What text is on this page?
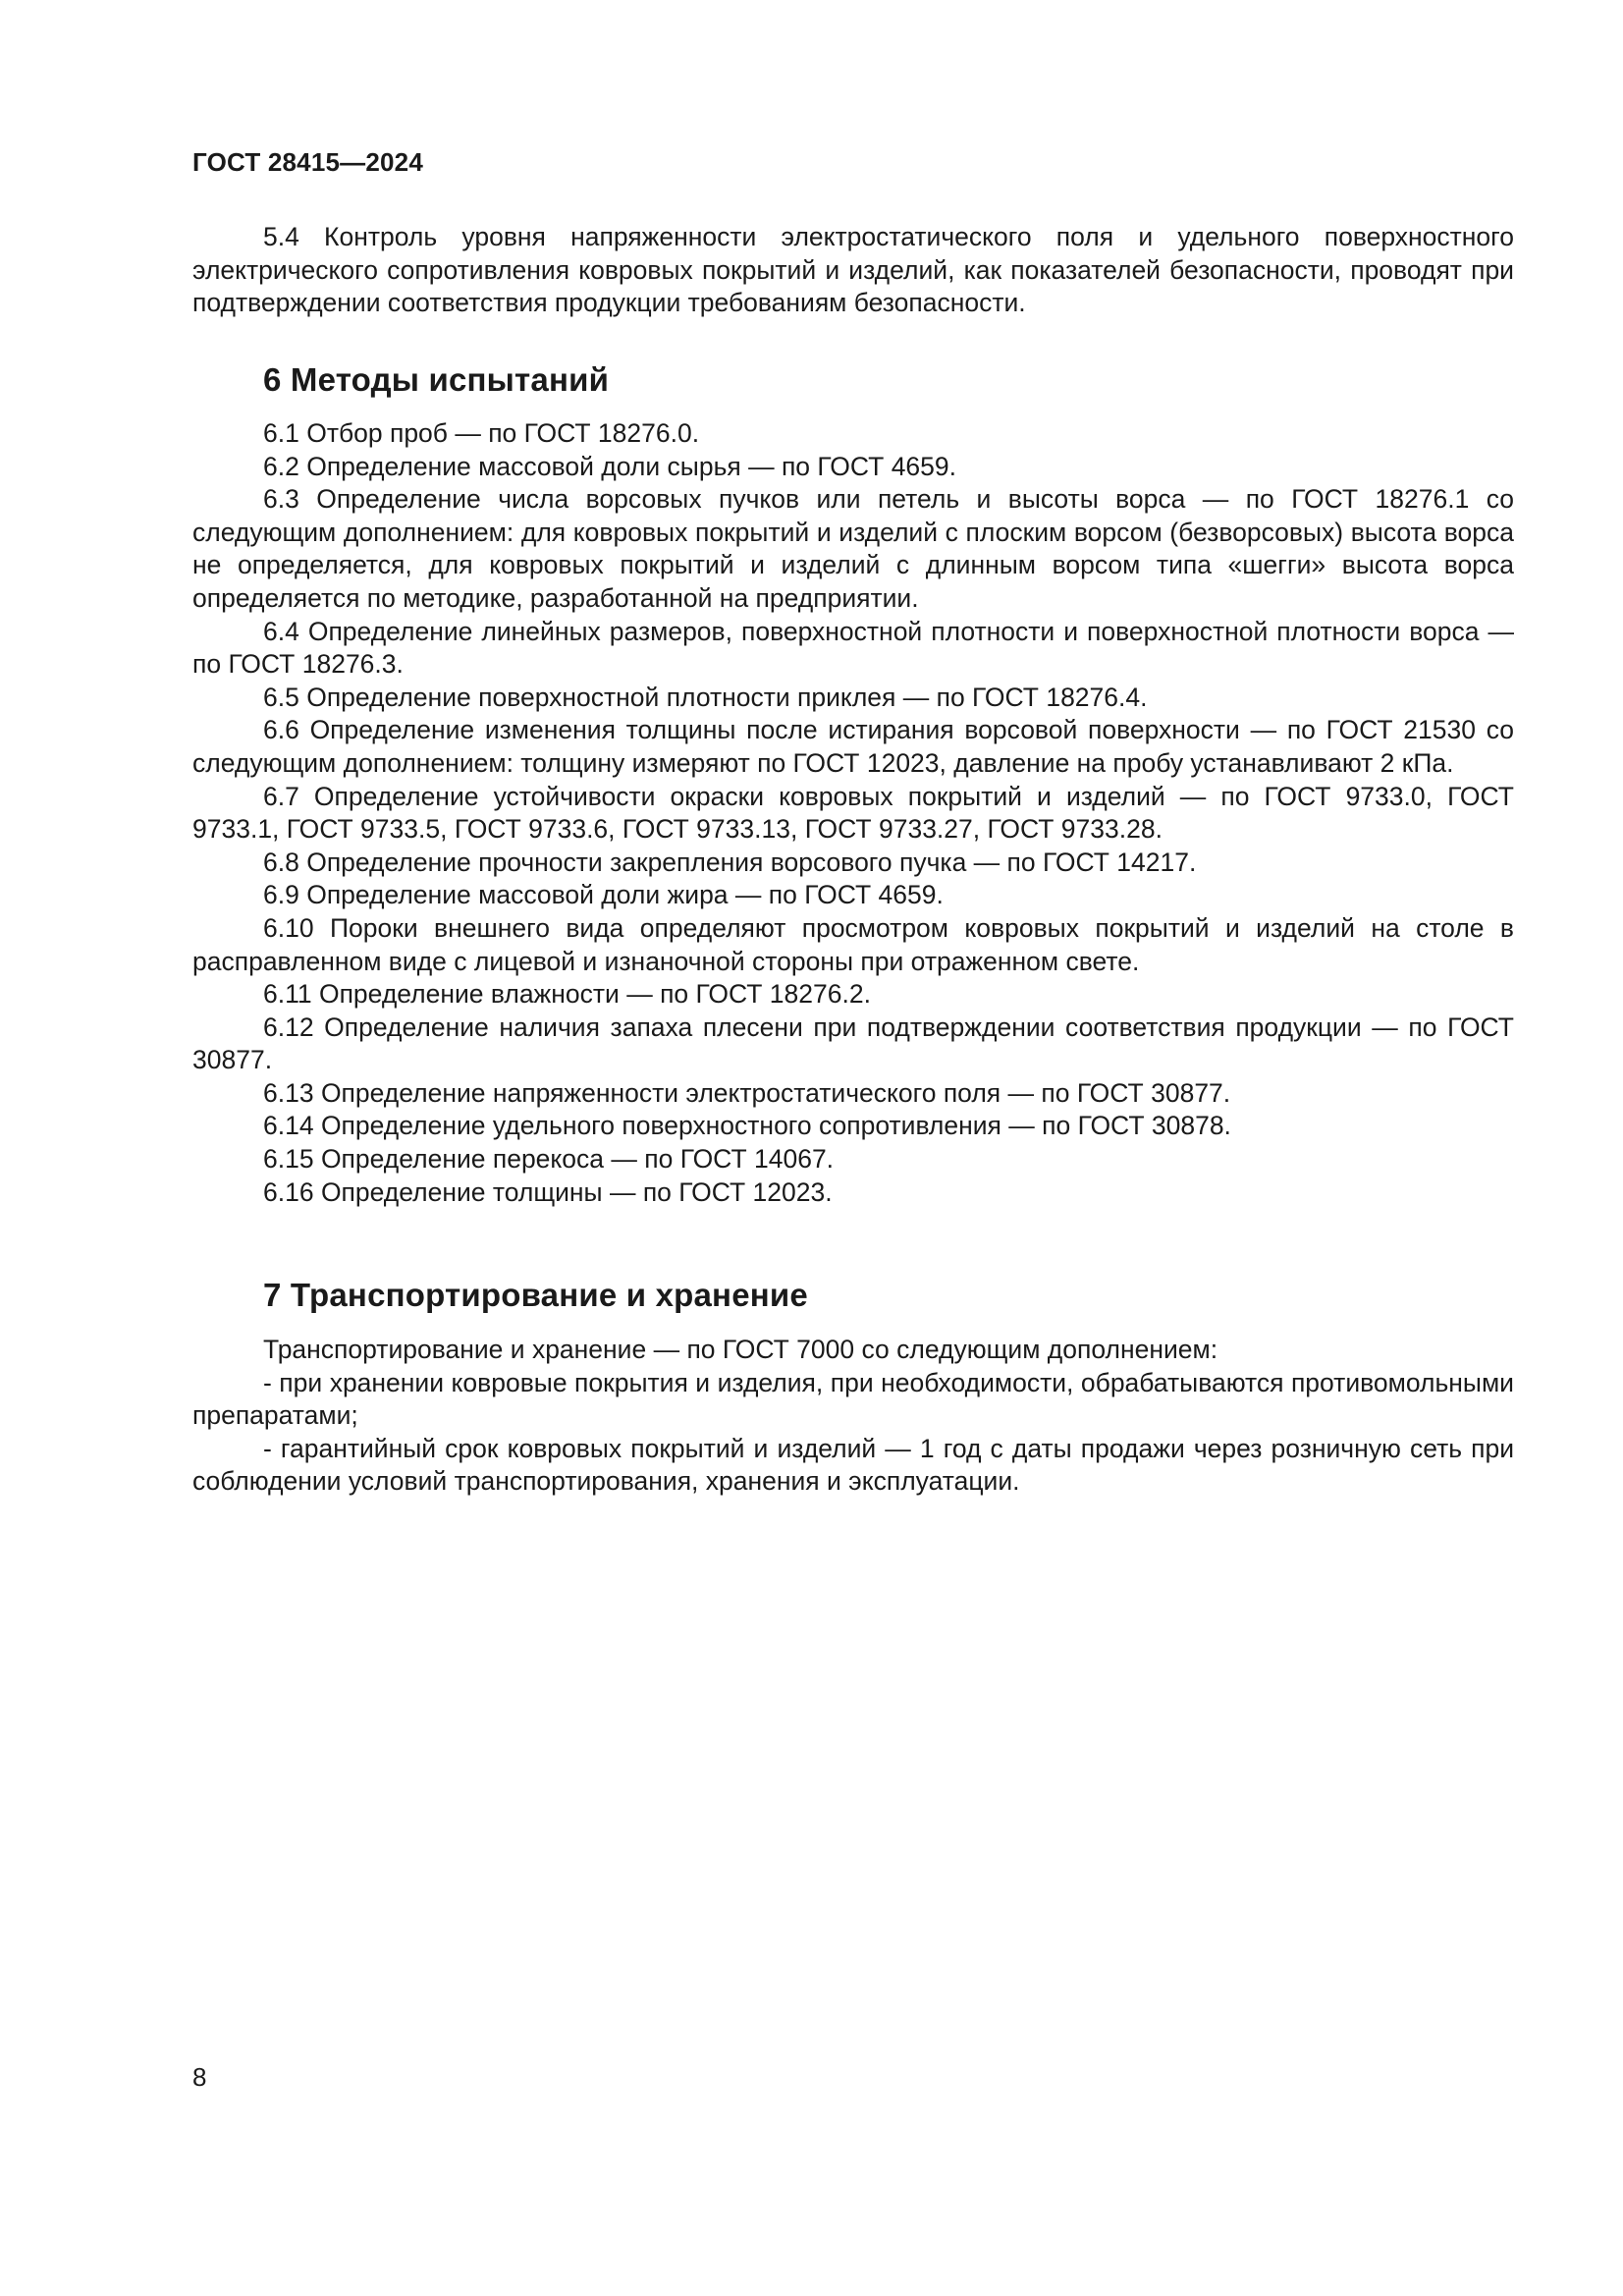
ГОСТ 28415—2024

5.4 Контроль уровня напряженности электростатического поля и удельного поверхностного электрического сопротивления ковровых покрытий и изделий, как показателей безопасности, проводят при подтверждении соответствия продукции требованиям безопасности.

6 Методы испытаний

6.1 Отбор проб — по ГОСТ 18276.0.

6.2 Определение массовой доли сырья — по ГОСТ 4659.

6.3 Определение числа ворсовых пучков или петель и высоты ворса — по ГОСТ 18276.1 со следующим дополнением: для ковровых покрытий и изделий с плоским ворсом (безворсовых) высота ворса не определяется, для ковровых покрытий и изделий с длинным ворсом типа «шегги» высота ворса определяется по методике, разработанной на предприятии.

6.4 Определение линейных размеров, поверхностной плотности и поверхностной плотности ворса — по ГОСТ 18276.3.

6.5 Определение поверхностной плотности приклея — по ГОСТ 18276.4.

6.6 Определение изменения толщины после истирания ворсовой поверхности — по ГОСТ 21530 со следующим дополнением: толщину измеряют по ГОСТ 12023, давление на пробу устанавливают 2 кПа.

6.7 Определение устойчивости окраски ковровых покрытий и изделий — по ГОСТ 9733.0, ГОСТ 9733.1, ГОСТ 9733.5, ГОСТ 9733.6, ГОСТ 9733.13, ГОСТ 9733.27, ГОСТ 9733.28.

6.8 Определение прочности закрепления ворсового пучка — по ГОСТ 14217.

6.9 Определение массовой доли жира — по ГОСТ 4659.

6.10 Пороки внешнего вида определяют просмотром ковровых покрытий и изделий на столе в расправленном виде с лицевой и изнаночной стороны при отраженном свете.

6.11 Определение влажности — по ГОСТ 18276.2.

6.12 Определение наличия запаха плесени при подтверждении соответствия продукции — по ГОСТ 30877.

6.13 Определение напряженности электростатического поля — по ГОСТ 30877.

6.14 Определение удельного поверхностного сопротивления — по ГОСТ 30878.

6.15 Определение перекоса — по ГОСТ 14067.

6.16 Определение толщины — по ГОСТ 12023.

7 Транспортирование и хранение

Транспортирование и хранение — по ГОСТ 7000 со следующим дополнением:

- при хранении ковровые покрытия и изделия, при необходимости, обрабатываются противомольными препаратами;

- гарантийный срок ковровых покрытий и изделий — 1 год с даты продажи через розничную сеть при соблюдении условий транспортирования, хранения и эксплуатации.

8
